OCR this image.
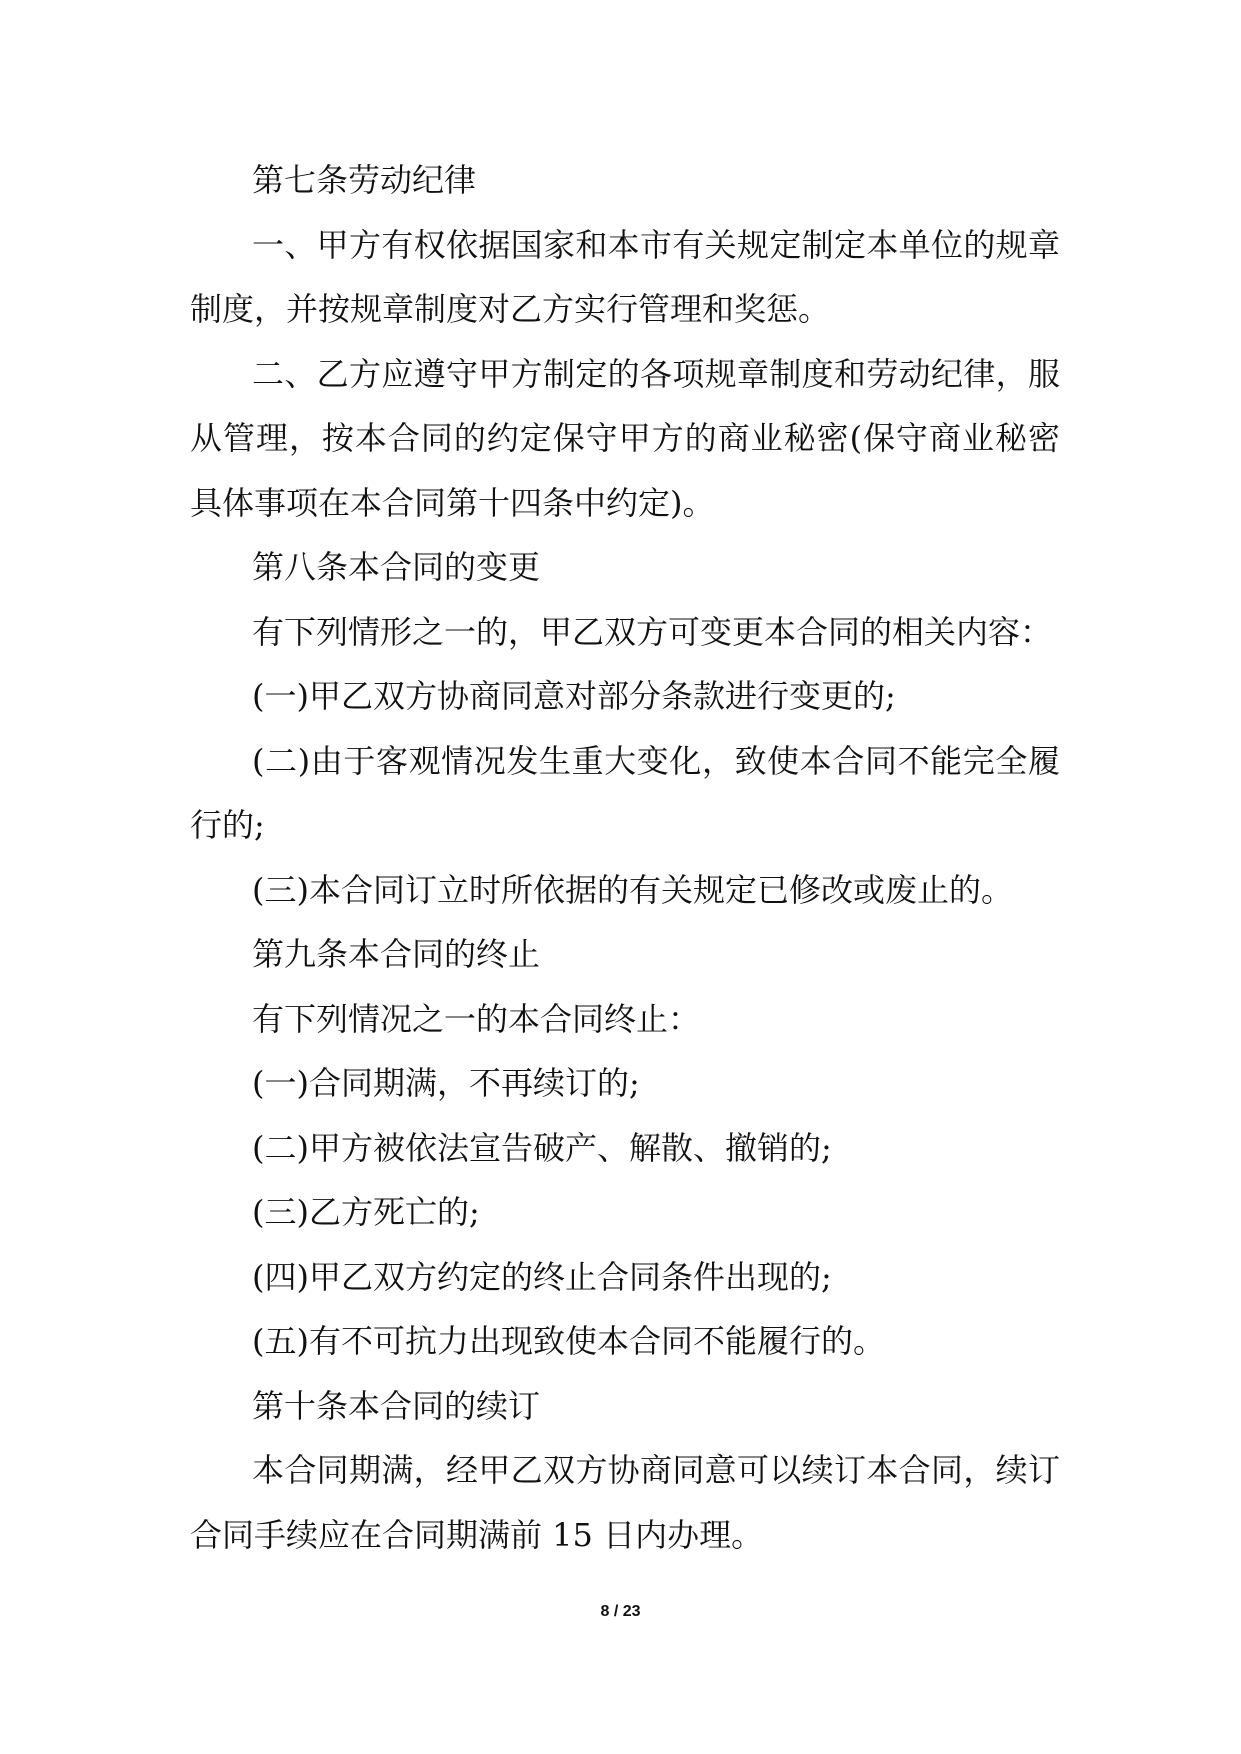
第七条劳动纪律

一、甲方有权依据国家和本市有关规定制定本单位的规章制度，并按规章制度对乙方实行管理和奖惩。

二、乙方应遵守甲方制定的各项规章制度和劳动纪律，服从管理，按本合同的约定保守甲方的商业秘密(保守商业秘密具体事项在本合同第十四条中约定)。

第八条本合同的变更

有下列情形之一的，甲乙双方可变更本合同的相关内容：

(一)甲乙双方协商同意对部分条款进行变更的;

(二)由于客观情况发生重大变化，致使本合同不能完全履行的;

(三)本合同订立时所依据的有关规定已修改或废止的。

第九条本合同的终止

有下列情况之一的本合同终止：

(一)合同期满，不再续订的;

(二)甲方被依法宣告破产、解散、撤销的;

(三)乙方死亡的;

(四)甲乙双方约定的终止合同条件出现的;

(五)有不可抗力出现致使本合同不能履行的。

第十条本合同的续订

本合同期满，经甲乙双方协商同意可以续订本合同，续订合同手续应在合同期满前 15 日内办理。

8 / 23
